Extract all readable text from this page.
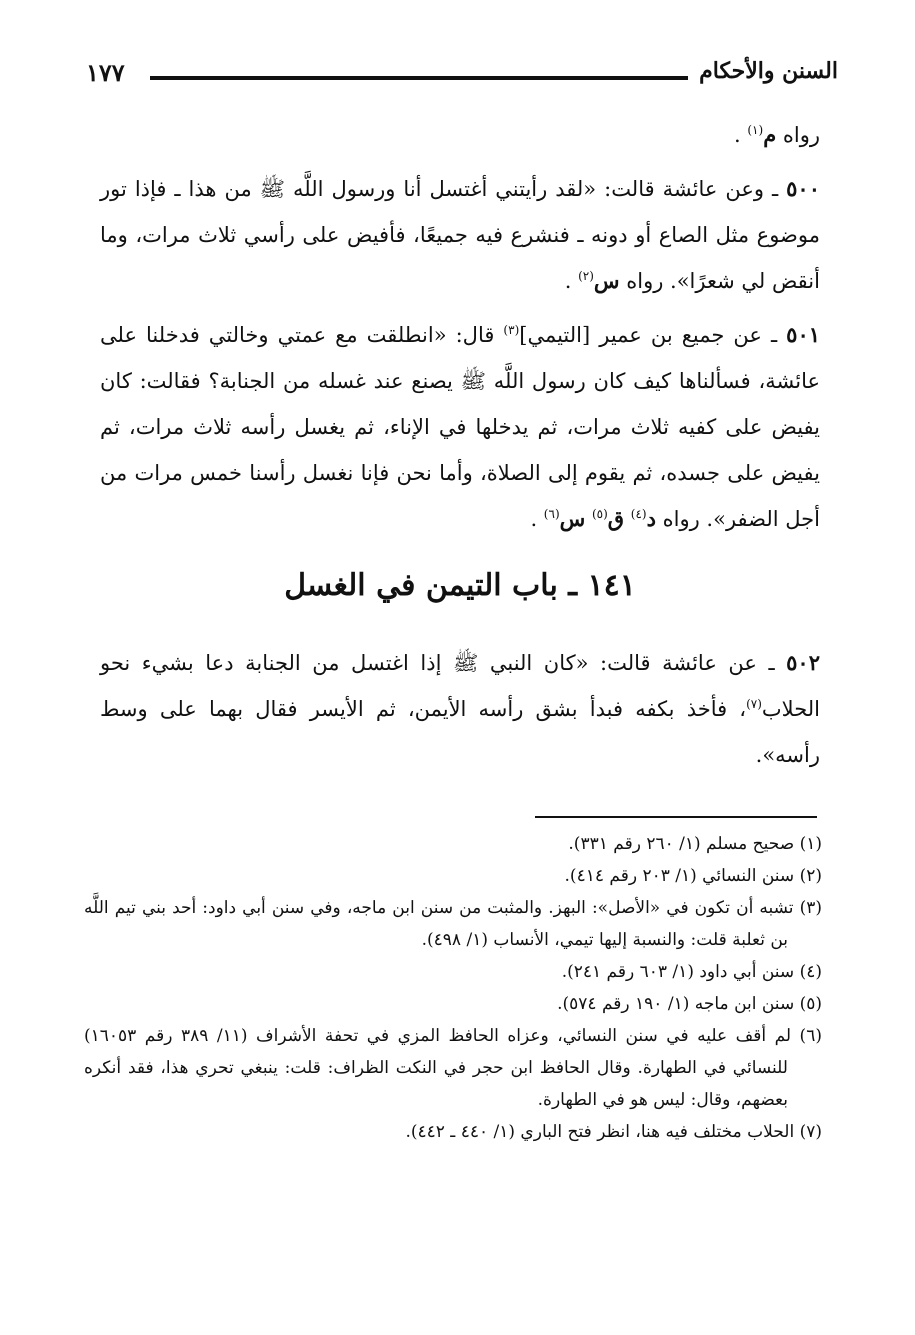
السنن والأحكام
١٧٧

رواه م$^{(١)}$ .

٥٠٠ ـ وعن عائشة قالت: «لقد رأيتني أغتسل أنا ورسول اللَّه ﷺ من هذا ـ فإذا تور موضوع مثل الصاع أو دونه ـ فنشرع فيه جميعًا، فأفيض على رأسي ثلاث مرات، وما أنقض لي شعرًا». رواه س$^{(٢)}$ .

٥٠١ ـ عن جميع بن عمير [التيمي]$^{(٣)}$ قال: «انطلقت مع عمتي وخالتي فدخلنا على عائشة، فسألناها كيف كان رسول اللَّه ﷺ يصنع عند غسله من الجنابة؟ فقالت: كان يفيض على كفيه ثلاث مرات، ثم يدخلها في الإناء، ثم يغسل رأسه ثلاث مرات، ثم يفيض على جسده، ثم يقوم إلى الصلاة، وأما نحن فإنا نغسل رأسنا خمس مرات من أجل الضفر». رواه د$^{(٤)}$ ق$^{(٥)}$ س$^{(٦)}$ .

١٤١ ـ باب التيمن في الغسل

٥٠٢ ـ عن عائشة قالت: «كان النبي ﷺ إذا اغتسل من الجنابة دعا بشيء نحو الحلاب$^{(٧)}$، فأخذ بكفه فبدأ بشق رأسه الأيمن، ثم الأيسر فقال بهما على وسط رأسه».

(١) صحيح مسلم (١/ ٢٦٠ رقم ٣٣١).

(٢) سنن النسائي (١/ ٢٠٣ رقم ٤١٤).

(٣) تشبه أن تكون في «الأصل»: البهز. والمثبت من سنن ابن ماجه، وفي سنن أبي داود: أحد بني تيم اللَّه بن ثعلبة قلت: والنسبة إليها تيمي، الأنساب (١/ ٤٩٨).

(٤) سنن أبي داود (١/ ٦٠٣ رقم ٢٤١).

(٥) سنن ابن ماجه (١/ ١٩٠ رقم ٥٧٤).

(٦) لم أقف عليه في سنن النسائي، وعزاه الحافظ المزي في تحفة الأشراف (١١/ ٣٨٩ رقم ١٦٠٥٣) للنسائي في الطهارة. وقال الحافظ ابن حجر في النكت الظراف: قلت: ينبغي تحري هذا، فقد أنكره بعضهم، وقال: ليس هو في الطهارة.

(٧) الحلاب مختلف فيه هنا، انظر فتح الباري (١/ ٤٤٠ ـ ٤٤٢).
